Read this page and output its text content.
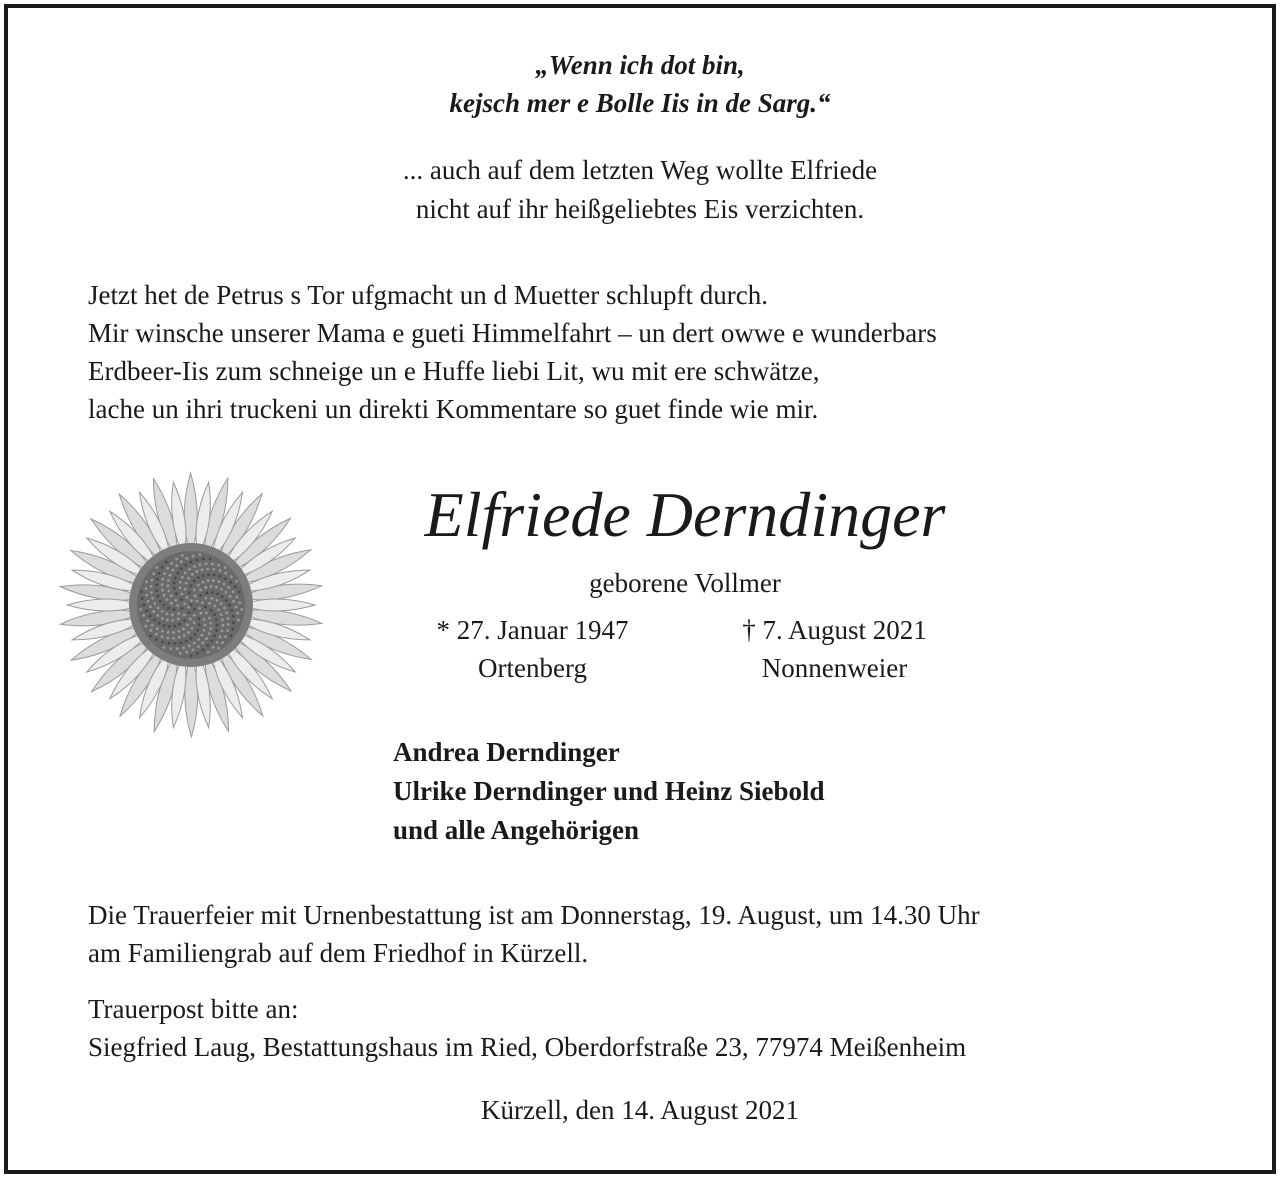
„Wenn ich dot bin,
kejsch mer e Bolle Iis in de Sarg.“
... auch auf dem letzten Weg wollte Elfriede
nicht auf ihr heißgeliebtes Eis verzichten.
Jetzt het de Petrus s Tor ufgmacht un d Muetter schlupft durch.
Mir winsche unserer Mama e gueti Himmelfahrt – un dert owwe e wunderbars
Erdbeer-Iis zum schneige un e Huffe liebi Lit, wu mit ere schwätze,
lache un ihri truckeni un direkti Kommentare so guet finde wie mir.
Elfriede Derndinger
geborene Vollmer
* 27. Januar 1947
Ortenberg
† 7. August 2021
Nonnenweier
Andrea Derndinger
Ulrike Derndinger und Heinz Siebold
und alle Angehörigen
Die Trauerfeier mit Urnenbestattung ist am Donnerstag, 19. August, um 14.30 Uhr
am Familiengrab auf dem Friedhof in Kürzell.
Trauerpost bitte an:
Siegfried Laug, Bestattungshaus im Ried, Oberdorfstraße 23, 77974 Meißenheim
Kürzell, den 14. August 2021
